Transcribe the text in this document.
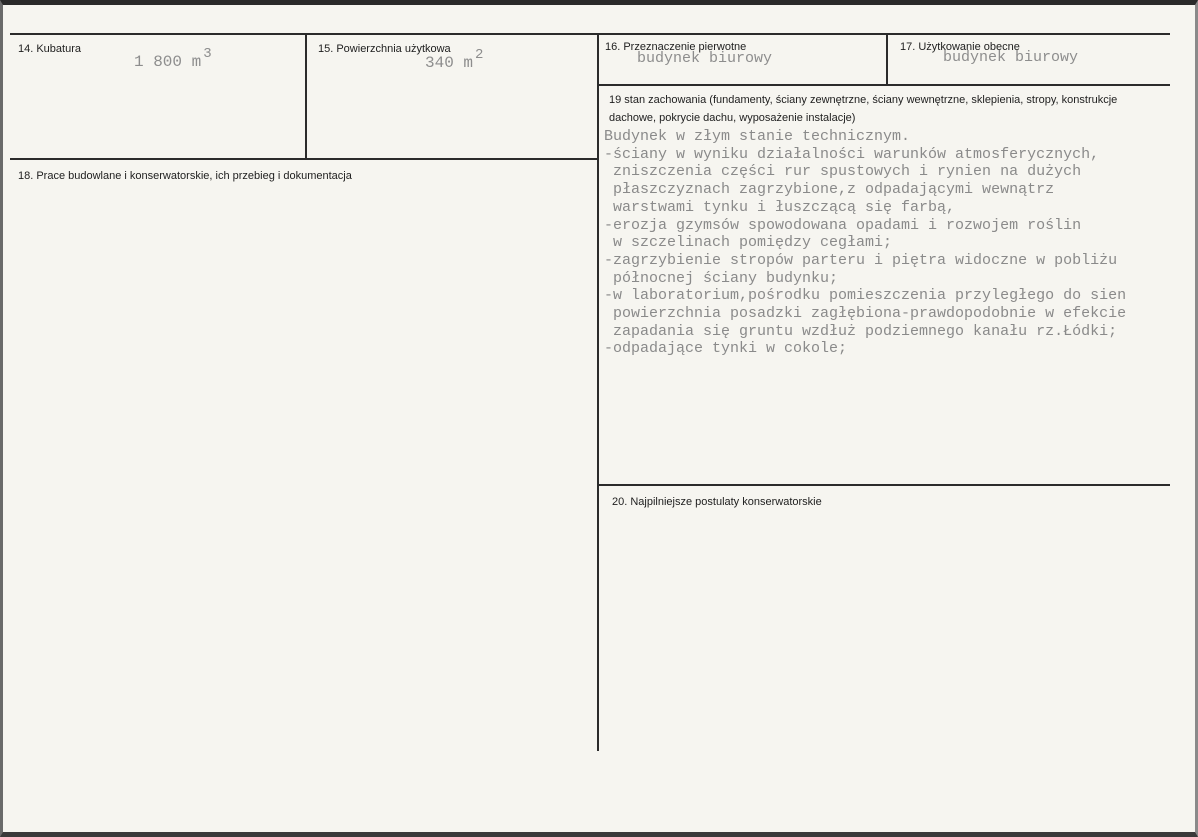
14. Kubatura
1 800 m $^3$	15. Powierzchnia użytkowa
340 m $^2$	16. Przeznaczenie pierwotne
budynek biurowy
17. Użytkowanie obecne
budynek biurowy
18. Prace budowlane i konserwatorskie, ich przebieg i dokumentacja
19 stan zachowania (fundamenty, ściany zewnętrzne, ściany wewnętrzne, sklepienia, stropy, konstrukcje dachowe, pokrycie dachu, wyposażenie instalacje)
Budynek w złym stanie technicznym.
-ściany w wyniku działalności warunków atmosferycznych,
zniszczenia części rur spustowych i rynien na dużych
płaszczyznach zagrzybione,z odpadającymi wewnątrz
warstwami tynku i łuszczącą się farbą,
-erozja gzymsów spowodowana opadami i rozwojem roślin
w szczelinach pomiędzy cegłami;
-zagrzybienie stropów parteru i piętra widoczne w pobliżu
północnej ściany budynku;
-w laboratorium,pośrodku pomieszczenia przyległego do sien
powierzchnia posadzki zagłębiona-prawdopodobnie w efekcie
zapadania się gruntu wzdłuż podziemnego kanału rz.Łódki;
-odpadające tynki w cokole;
20. Najpilniejsze postulaty konserwatorskie
